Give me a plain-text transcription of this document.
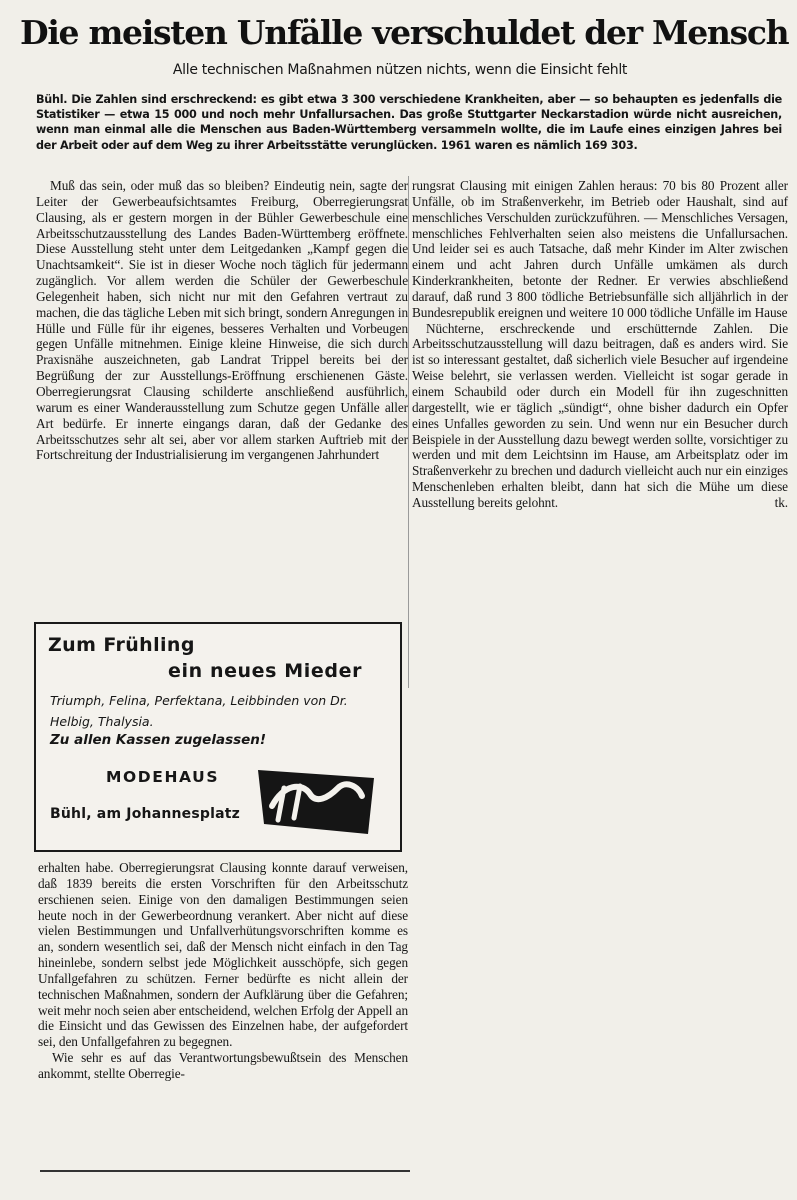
Die meisten Unfälle verschuldet der Mensch
Alle technischen Maßnahmen nützen nichts, wenn die Einsicht fehlt
Bühl. Die Zahlen sind erschreckend: es gibt etwa 3 300 verschiedene Krankheiten, aber — so behaupten es jedenfalls die Statistiker — etwa 15 000 und noch mehr Unfallursachen. Das große Stuttgarter Neckarstadion würde nicht ausreichen, wenn man einmal alle die Menschen aus Baden-Württemberg versammeln wollte, die im Laufe eines einzigen Jahres bei der Arbeit oder auf dem Weg zu ihrer Arbeitsstätte verunglücken. 1961 waren es nämlich 169 303.

Muß das sein, oder muß das so bleiben? Eindeutig nein, sagte der Leiter der Gewerbeaufsichtsamtes Freiburg, Oberregierungsrat Clausing, als er gestern morgen in der Bühler Gewerbeschule eine Arbeitsschutzausstellung des Landes Baden-Württemberg eröffnete. Diese Ausstellung steht unter dem Leitgedanken „Kampf gegen die Unachtsamkeit“. Sie ist in dieser Woche noch täglich für jedermann zugänglich. Vor allem werden die Schüler der Gewerbeschule Gelegenheit haben, sich nicht nur mit den Gefahren vertraut zu machen, die das tägliche Leben mit sich bringt, sondern Anregungen in Hülle und Fülle für ihr eigenes, besseres Verhalten und Vorbeugen gegen Unfälle mitnehmen. Einige kleine Hinweise, die sich durch Praxisnähe auszeichneten, gab Landrat Trippel bereits bei der Begrüßung der zur Ausstellungs-Eröffnung erschienenen Gäste. Oberregierungsrat Clausing schilderte anschließend ausführlich, warum es einer Wanderausstellung zum Schutze gegen Unfälle aller Art bedürfe. Er innerte eingangs daran, daß der Gedanke des Arbeitsschutzes sehr alt sei, aber vor allem starken Auftrieb mit der Fortschreitung der Industrialisierung im vergangenen Jahrhundert

rungsrat Clausing mit einigen Zahlen heraus: 70 bis 80 Prozent aller Unfälle, ob im Straßenverkehr, im Betrieb oder Haushalt, sind auf menschliches Verschulden zurückzuführen. — Menschliches Versagen, menschliches Fehlverhalten seien also meistens die Unfallursachen. Und leider sei es auch Tatsache, daß mehr Kinder im Alter zwischen einem und acht Jahren durch Unfälle umkämen als durch Kinderkrankheiten, betonte der Redner. Er verwies abschließend darauf, daß rund 3 800 tödliche Betriebsunfälle sich alljährlich in der Bundesrepublik ereignen und weitere 10 000 tödliche Unfälle im Hause

Nüchterne, erschreckende und erschütternde Zahlen. Die Arbeitsschutzausstellung will dazu beitragen, daß es anders wird. Sie ist so interessant gestaltet, daß sicherlich viele Besucher auf irgendeine Weise belehrt, sie verlassen werden. Vielleicht ist sogar gerade in einem Schaubild oder durch ein Modell für ihn zugeschnitten dargestellt, wie er täglich „sündigt“, ohne bisher dadurch ein Opfer eines Unfalles geworden zu sein. Und wenn nur ein Besucher durch Beispiele in der Ausstellung dazu bewegt werden sollte, vorsichtiger zu werden und mit dem Leichtsinn im Hause, am Arbeitsplatz oder im Straßenverkehr zu brechen und dadurch vielleicht auch nur ein einziges Menschenleben erhalten bleibt, dann hat sich die Mühe um diese Ausstellung bereits gelohnt.	tk.

Zum Frühling
ein neues Mieder
Triumph, Felina, Perfektana, Leibbinden von Dr. Helbig, Thalysia.
Zu allen Kassen zugelassen!
MODEHAUS
Bühl, am Johannesplatz

erhalten habe. Oberregierungsrat Clausing konnte darauf verweisen, daß 1839 bereits die ersten Vorschriften für den Arbeitsschutz erschienen seien. Einige von den damaligen Bestimmungen seien heute noch in der Gewerbeordnung verankert. Aber nicht auf diese vielen Bestimmungen und Unfallverhütungsvorschriften komme es an, sondern wesentlich sei, daß der Mensch nicht einfach in den Tag hineinlebe, sondern selbst jede Möglichkeit ausschöpfe, sich gegen Unfallgefahren zu schützen. Ferner bedürfte es nicht allein der technischen Maßnahmen, sondern der Aufklärung über die Gefahren; weit mehr noch seien aber entscheidend, welchen Erfolg der Appell an die Einsicht und das Gewissen des Einzelnen habe, der aufgefordert sei, den Unfallgefahren zu begegnen.

Wie sehr es auf das Verantwortungsbewußtsein des Menschen ankommt, stellte Oberregie-
